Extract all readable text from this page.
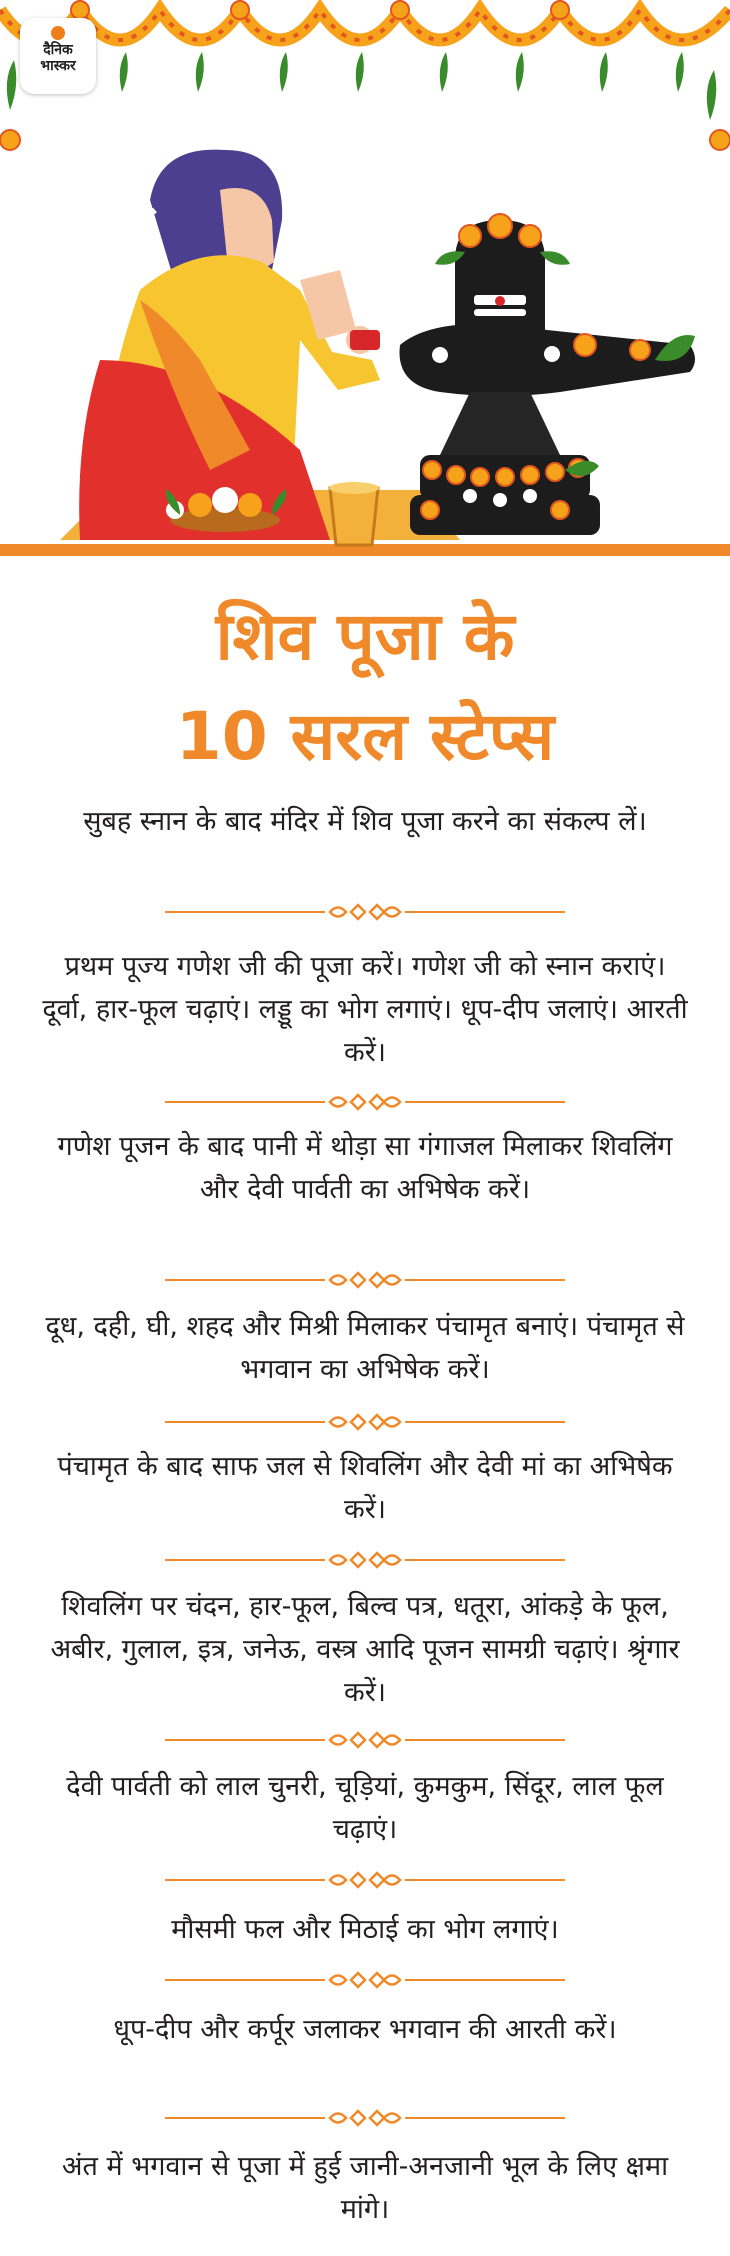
दैनिक
भास्कर
शिव पूजा के
10 सरल स्टेप्स

सुबह स्नान के बाद मंदिर में शिव पूजा करने का संकल्प लें।

प्रथम पूज्य गणेश जी की पूजा करें। गणेश जी को स्नान कराएं। दूर्वा, हार-फूल चढ़ाएं। लड्डू का भोग लगाएं। धूप-दीप जलाएं। आरती करें।

गणेश पूजन के बाद पानी में थोड़ा सा गंगाजल मिलाकर शिवलिंग और देवी पार्वती का अभिषेक करें।

दूध, दही, घी, शहद और मिश्री मिलाकर पंचामृत बनाएं। पंचामृत से भगवान का अभिषेक करें।

पंचामृत के बाद साफ जल से शिवलिंग और देवी मां का अभिषेक करें।

शिवलिंग पर चंदन, हार-फूल, बिल्व पत्र, धतूरा, आंकड़े के फूल, अबीर, गुलाल, इत्र, जनेऊ, वस्त्र आदि पूजन सामग्री चढ़ाएं। श्रृंगार करें।

देवी पार्वती को लाल चुनरी, चूड़ियां, कुमकुम, सिंदूर, लाल फूल चढ़ाएं।

मौसमी फल और मिठाई का भोग लगाएं।

धूप-दीप और कर्पूर जलाकर भगवान की आरती करें।

अंत में भगवान से पूजा में हुई जानी-अनजानी भूल के लिए क्षमा मांगे।
